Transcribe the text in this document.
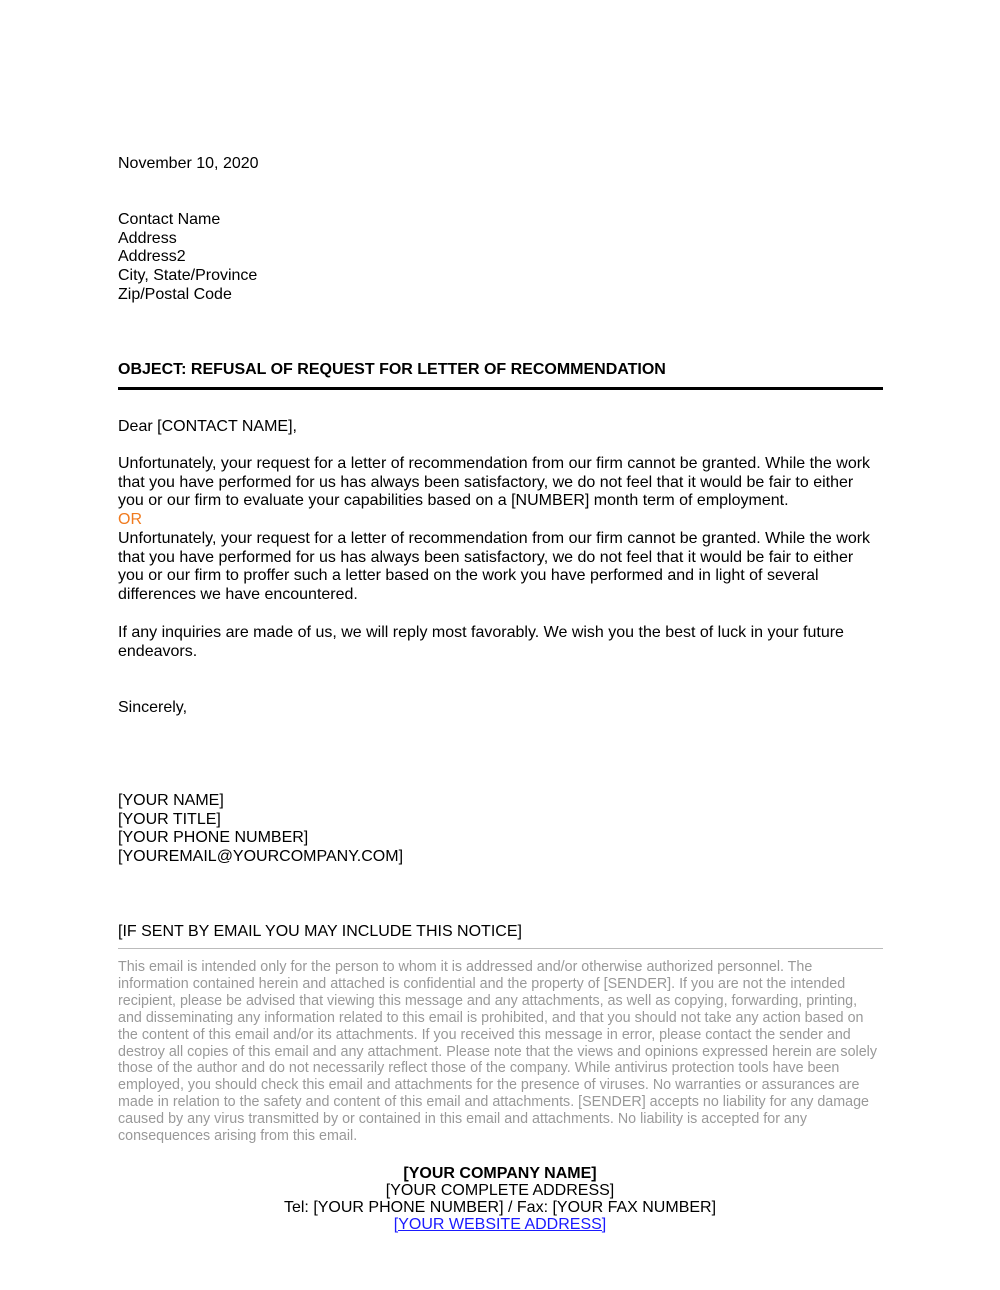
November 10, 2020
Contact Name
Address
Address2
City, State/Province
Zip/Postal Code
OBJECT: REFUSAL OF REQUEST FOR LETTER OF RECOMMENDATION
Dear [CONTACT NAME],
Unfortunately, your request for a letter of recommendation from our firm cannot be granted. While the work that you have performed for us has always been satisfactory, we do not feel that it would be fair to either you or our firm to evaluate your capabilities based on a [NUMBER] month term of employment.
OR
Unfortunately, your request for a letter of recommendation from our firm cannot be granted. While the work that you have performed for us has always been satisfactory, we do not feel that it would be fair to either you or our firm to proffer such a letter based on the work you have performed and in light of several differences we have encountered.
If any inquiries are made of us, we will reply most favorably. We wish you the best of luck in your future endeavors.
Sincerely,
[YOUR NAME]
[YOUR TITLE]
[YOUR PHONE NUMBER]
[YOUREMAIL@YOURCOMPANY.COM]
[IF SENT BY EMAIL YOU MAY INCLUDE THIS NOTICE]
This email is intended only for the person to whom it is addressed and/or otherwise authorized personnel. The information contained herein and attached is confidential and the property of [SENDER]. If you are not the intended recipient, please be advised that viewing this message and any attachments, as well as copying, forwarding, printing, and disseminating any information related to this email is prohibited, and that you should not take any action based on the content of this email and/or its attachments. If you received this message in error, please contact the sender and destroy all copies of this email and any attachment. Please note that the views and opinions expressed herein are solely those of the author and do not necessarily reflect those of the company. While antivirus protection tools have been employed, you should check this email and attachments for the presence of viruses. No warranties or assurances are made in relation to the safety and content of this email and attachments. [SENDER] accepts no liability for any damage caused by any virus transmitted by or contained in this email and attachments. No liability is accepted for any consequences arising from this email.
[YOUR COMPANY NAME]
[YOUR COMPLETE ADDRESS]
Tel: [YOUR PHONE NUMBER] / Fax: [YOUR FAX NUMBER]
[YOUR WEBSITE ADDRESS]
